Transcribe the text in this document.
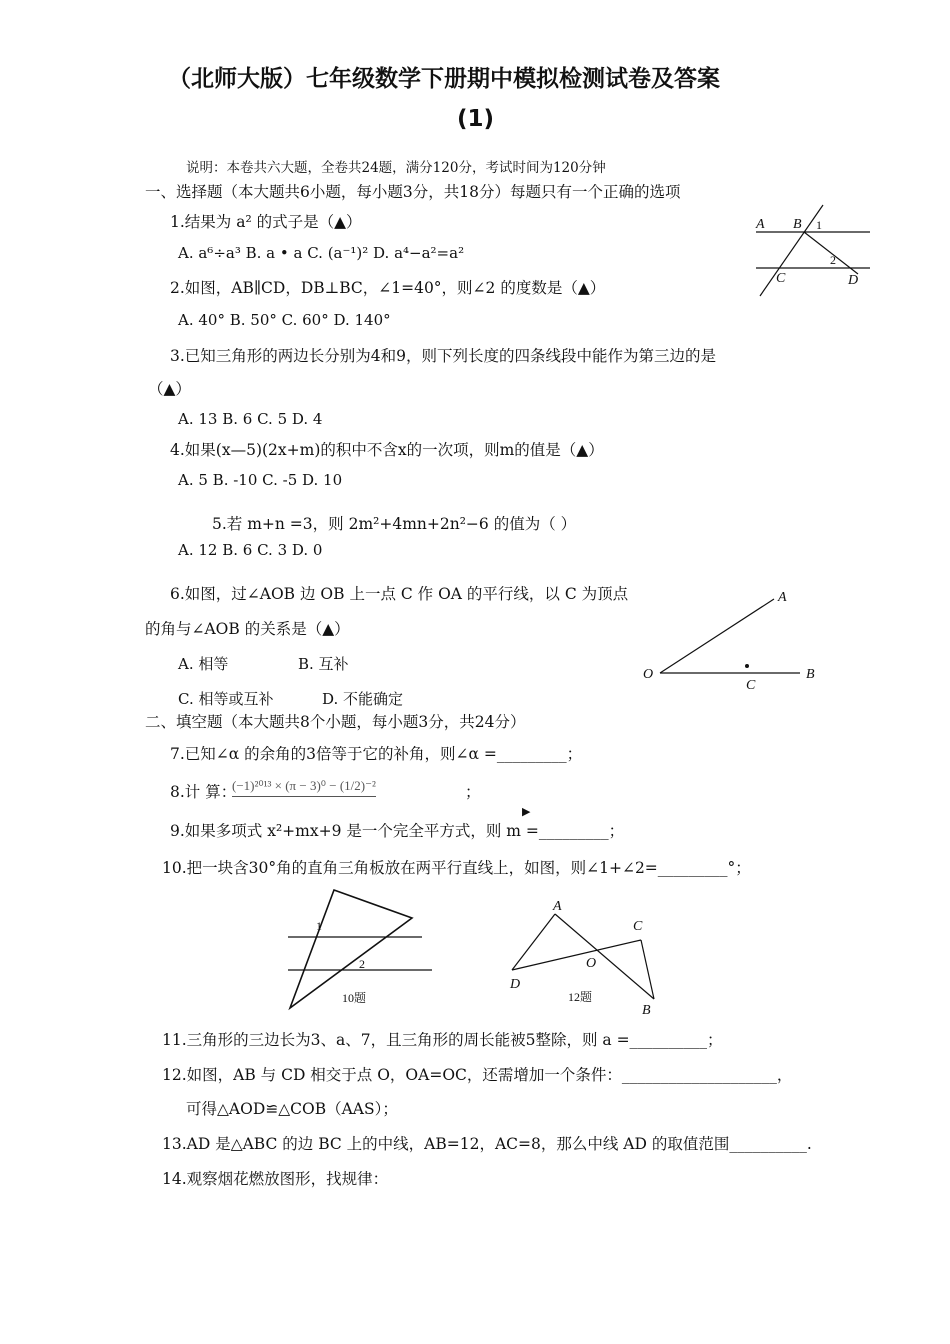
（北师大版）七年级数学下册期中模拟检测试卷及答案
(1)
说明：本卷共六大题，全卷共24题，满分120分，考试时间为120分钟
一、选择题（本大题共6小题，每小题3分，共18分）每题只有一个正确的选项
1.结果为 a² 的式子是（▲）
A. a⁶÷a³ B. a • a C. (a⁻¹)² D. a⁴−a²=a²
2.如图，AB∥CD，DB⊥BC，∠1=40°，则∠2 的度数是（▲）
A. 40° B. 50° C. 60° D. 140°
A B
C	D
1
2
3.已知三角形的两边长分别为4和9，则下列长度的四条线段中能作为第三边的是
（▲）
A. 13 B. 6 C. 5 D. 4
4.如果(x—5)(2x+m)的积中不含x的一次项，则m的值是（▲）
A. 5 B. -10 C. -5 D. 10
5.若 m+n =3，则 2m²+4mn+2n²−6 的值为（ ）
A. 12 B. 6 C. 3 D. 0
6.如图，过∠AOB 边 OB 上一点 C 作 OA 的平行线，以 C 为顶点
的角与∠AOB 的关系是（▲）
A. 相等	B. 互补
C. 相等或互补	D. 不能确定
A
O	B
C
二、填空题（本大题共8个小题，每小题3分，共24分）
7.已知∠α 的余角的3倍等于它的补角，则∠α =_________；
8.计 算：
(−1)²⁰¹³ × (π − 3)⁰ − (1/2)⁻²	；
▶
9.如果多项式 x²+mx+9 是一个完全平方式，则 m =_________；
10.把一块含30°角的直角三角板放在两平行直线上，如图，则∠1+∠2=_________°；
1
2
10题
A
C
O
D
B
12题
11.三角形的三边长为3、a、7，且三角形的周长能被5整除，则 a =__________；
12.如图，AB 与 CD 相交于点 O，OA=OC，还需增加一个条件：____________________，
可得△AOD≌△COB（AAS）；
13.AD 是△ABC 的边 BC 上的中线，AB=12，AC=8，那么中线 AD 的取值范围__________.
14.观察烟花燃放图形，找规律：
